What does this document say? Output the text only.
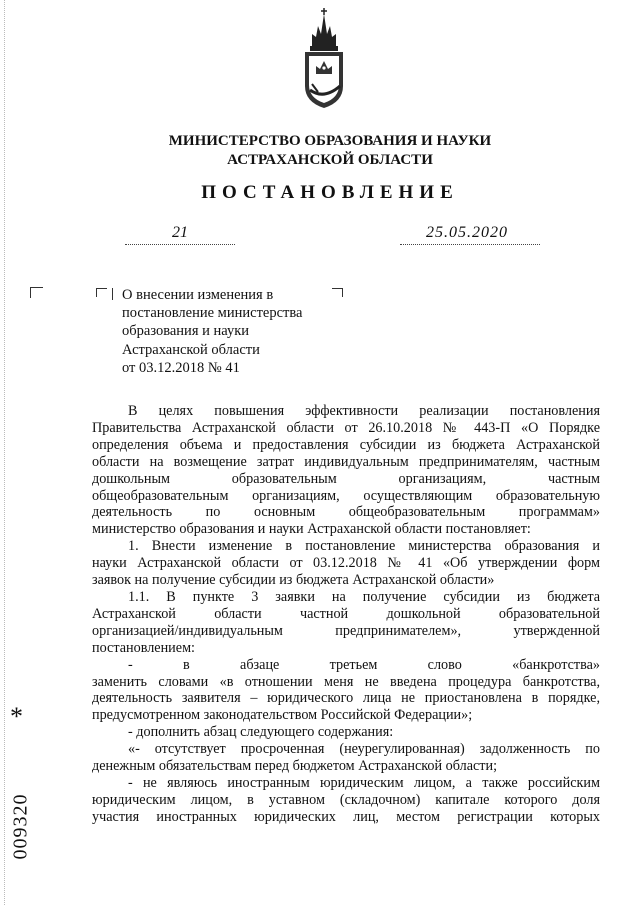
*
009320
МИНИСТЕРСТВО ОБРАЗОВАНИЯ И НАУКИ
АСТРАХАНСКОЙ ОБЛАСТИ
ПОСТАНОВЛЕНИЕ
21	25.05.2020
О внесении изменения в
постановление министерства
образования и науки
Астраханской области
от 03.12.2018 № 41

В целях повышения эффективности реализации постановления

Правительства Астраханской области от 26.10.2018 № 443-П «О Порядке

определения объема и предоставления субсидии из бюджета Астраханской

области на возмещение затрат индивидуальным предпринимателям, частным

дошкольным образовательным организациям, частным

общеобразовательным организациям, осуществляющим образовательную

деятельность по основным общеобразовательным программам»

министерство образования и науки Астраханской области постановляет:

1. Внести изменение в постановление министерства образования и

науки Астраханской области от 03.12.2018 № 41 «Об утверждении форм

заявок на получение субсидии из бюджета Астраханской области»

1.1. В пункте 3 заявки на получение субсидии из бюджета

Астраханской области частной дошкольной образовательной

организацией/индивидуальным предпринимателем», утвержденной

постановлением:

- в абзаце третьем слово «банкротства»

заменить словами «в отношении меня не введена процедура банкротства,

деятельность заявителя – юридического лица не приостановлена в порядке,

предусмотренном законодательством Российской Федерации»;

- дополнить абзац следующего содержания:

«- отсутствует просроченная (неурегулированная) задолженность по

денежным обязательствам перед бюджетом Астраханской области;

- не являюсь иностранным юридическим лицом, а также российским

юридическим лицом, в уставном (складочном) капитале которого доля

участия иностранных юридических лиц, местом регистрации которых
